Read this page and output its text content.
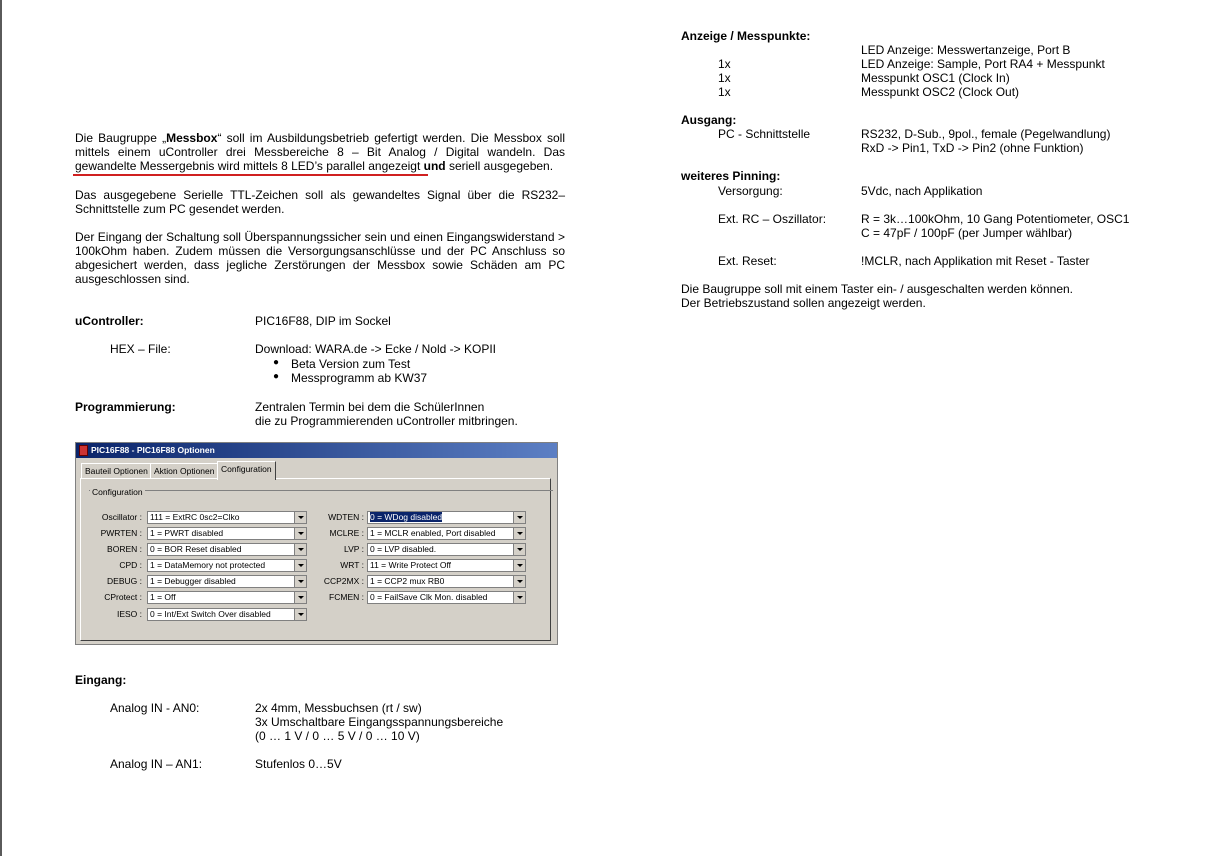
Die Baugruppe „Messbox“ soll im Ausbildungsbetrieb gefertigt werden. Die Messbox soll mittels einem uController drei Messbereiche 8 – Bit Analog / Digital wandeln. Das gewandelte Messergebnis wird mittels 8 LED’s parallel angezeigt und seriell ausgegeben.
Das ausgegebene Serielle TTL-Zeichen soll als gewandeltes Signal über die RS232–Schnittstelle zum PC gesendet werden.
Der Eingang der Schaltung soll Überspannungssicher sein und einen Eingangswiderstand > 100kOhm haben. Zudem müssen die Versorgungsanschlüsse und der PC Anschluss so abgesichert werden, dass jegliche Zerstörungen der Messbox sowie Schäden am PC ausgeschlossen sind.
uController:	PIC16F88, DIP im Sockel
HEX – File:	Download: WARA.de -> Ecke / Nold -> KOPII
● Beta Version zum Test
● Messprogramm ab KW37
Programmierung:	Zentralen Termin bei dem die SchülerInnen
die zu Programmierenden uController mitbringen.
PIC16F88 - PIC16F88 Optionen
Bauteil Optionen Aktion Optionen Configuration
Configuration
Oscillator : 111 = ExtRC 0sc2=Clko
PWRTEN : 1 = PWRT disabled
BOREN : 0 = BOR Reset disabled
CPD : 1 = DataMemory not protected
DEBUG : 1 = Debugger disabled
CProtect : 1 = Off
IESO : 0 = Int/Ext Switch Over disabled
WDTEN : 0 = WDog disabled
MCLRE : 1 = MCLR enabled, Port disabled
LVP : 0 = LVP disabled.
WRT : 11 = Write Protect Off
CCP2MX : 1 = CCP2 mux RB0
FCMEN : 0 = FailSave Clk Mon. disabled
Eingang:
Analog IN - AN0:	2x 4mm, Messbuchsen (rt / sw)
3x Umschaltbare Eingangsspannungsbereiche
(0 … 1 V / 0 … 5 V / 0 … 10 V)
Analog IN – AN1:	Stufenlos 0…5V
Anzeige / Messpunkte:
LED Anzeige: Messwertanzeige, Port B
1x	LED Anzeige: Sample, Port RA4 + Messpunkt
1x	Messpunkt OSC1 (Clock In)
1x	Messpunkt OSC2 (Clock Out)
Ausgang:
PC - Schnittstelle	RS232, D-Sub., 9pol., female (Pegelwandlung)
RxD -> Pin1, TxD -> Pin2 (ohne Funktion)
weiteres Pinning:
Versorgung:	5Vdc, nach Applikation
Ext. RC – Oszillator:	R = 3k…100kOhm, 10 Gang Potentiometer, OSC1
C = 47pF / 100pF (per Jumper wählbar)
Ext. Reset:	!MCLR, nach Applikation mit Reset - Taster
Die Baugruppe soll mit einem Taster ein- / ausgeschalten werden können.
Der Betriebszustand sollen angezeigt werden.
